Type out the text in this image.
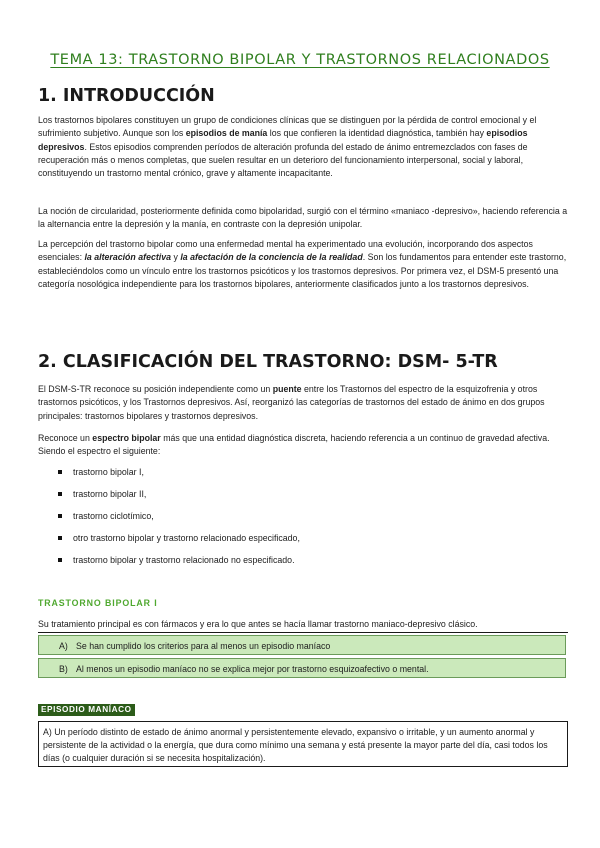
TEMA 13: TRASTORNO BIPOLAR Y TRASTORNOS RELACIONADOS
1. INTRODUCCIÓN

Los trastornos bipolares constituyen un grupo de condiciones clínicas que se distinguen por la pérdida de control emocional y el sufrimiento subjetivo. Aunque son los episodios de manía los que confieren la identidad diagnóstica, también hay episodios depresivos. Estos episodios comprenden períodos de alteración profunda del estado de ánimo entremezclados con fases de recuperación más o menos completas, que suelen resultar en un deterioro del funcionamiento interpersonal, social y laboral, constituyendo un trastorno mental crónico, grave y altamente incapacitante.

La noción de circularidad, posteriormente definida como bipolaridad, surgió con el término «maniaco -depresivo», haciendo referencia a la alternancia entre la depresión y la manía, en contraste con la depresión unipolar.

La percepción del trastorno bipolar como una enfermedad mental ha experimentado una evolución, incorporando dos aspectos esenciales: la alteración afectiva y la afectación de la conciencia de la realidad. Son los fundamentos para entender este trastorno, estableciéndolos como un vínculo entre los trastornos psicóticos y los trastornos depresivos. Por primera vez, el DSM-5 presentó una categoría nosológica independiente para los trastornos bipolares, anteriormente clasificados junto a los trastornos depresivos.

2. CLASIFICACIÓN DEL TRASTORNO: DSM- 5-TR

El DSM-S-TR reconoce su posición independiente como un puente entre los Trastornos del espectro de la esquizofrenia y otros trastornos psicóticos, y los Trastornos depresivos. Así, reorganizó las categorías de trastornos del estado de ánimo en dos grupos principales: trastornos bipolares y trastornos depresivos.

Reconoce un espectro bipolar más que una entidad diagnóstica discreta, haciendo referencia a un continuo de gravedad afectiva. Siendo el espectro el siguiente:

trastorno bipolar I,
trastorno bipolar II,
trastorno ciclotímico,
otro trastorno bipolar y trastorno relacionado especificado,
trastorno bipolar y trastorno relacionado no especificado.
TRASTORNO BIPOLAR I
Su tratamiento principal es con fármacos y era lo que antes se hacía llamar trastorno maniaco-depresivo clásico.
A) Se han cumplido los criterios para al menos un episodio maníaco
B) Al menos un episodio maníaco no se explica mejor por trastorno esquizoafectivo o mental.
EPISODIO MANÍACO
A) Un período distinto de estado de ánimo anormal y persistentemente elevado, expansivo o irritable, y un aumento anormal y persistente de la actividad o la energía, que dura como mínimo una semana y está presente la mayor parte del día, casi todos los días (o cualquier duración si se necesita hospitalización).
